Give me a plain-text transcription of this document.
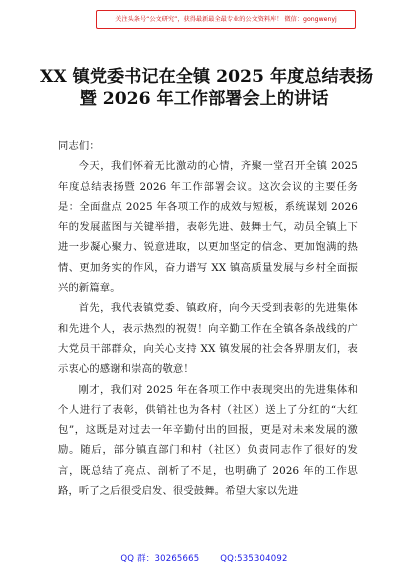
关注头条号“公文研究”，获得最新最全最专业的公文资料库！ 微信：gongwenyj
XX 镇党委书记在全镇 2025 年度总结表扬
暨 2026 年工作部署会上的讲话

同志们：

今天，我们怀着无比激动的心情，齐聚一堂召开全镇 2025 年度总结表扬暨 2026 年工作部署会议。这次会议的主要任务是：全面盘点 2025 年各项工作的成效与短板，系统谋划 2026 年的发展蓝图与关键举措，表彰先进、鼓舞士气，动员全镇上下进一步凝心聚力、锐意进取，以更加坚定的信念、更加饱满的热情、更加务实的作风，奋力谱写 XX 镇高质量发展与乡村全面振兴的新篇章。

首先，我代表镇党委、镇政府，向今天受到表彰的先进集体和先进个人，表示热烈的祝贺！向辛勤工作在全镇各条战线的广大党员干部群众，向关心支持 XX 镇发展的社会各界朋友们，表示衷心的感谢和崇高的敬意！

刚才，我们对 2025 年在各项工作中表现突出的先进集体和个人进行了表彰，供销社也为各村（社区）送上了分红的“大红包”，这既是对过去一年辛勤付出的回报，更是对未来发展的激励。随后，部分镇直部门和村（社区）负责同志作了很好的发言，既总结了亮点、剖析了不足，也明确了 2026 年的工作思路，听了之后很受启发、很受鼓舞。希望大家以先进

QQ 群：30265665 QQ:535304092
